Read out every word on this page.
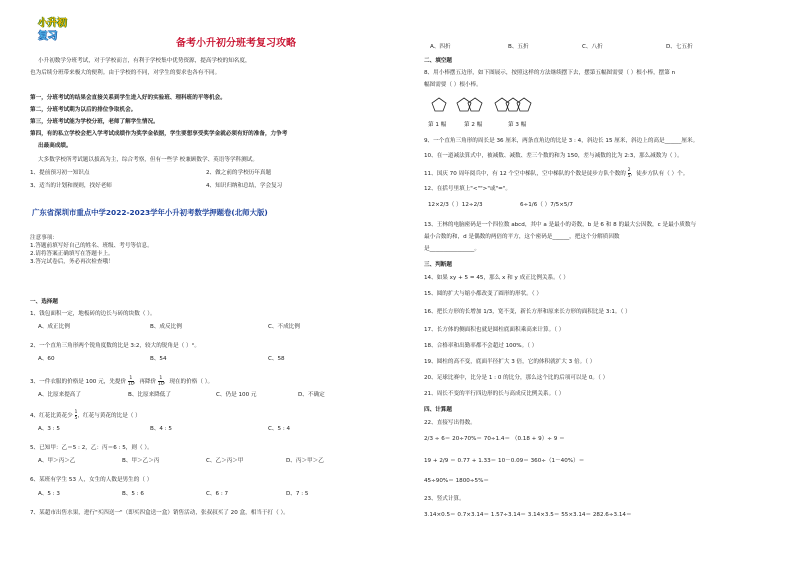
小升初
复习
备考小升初分班考复习攻略
小升初数学分班考试，对于学校而言，有利于学校集中优势资源，提高学校的知名度，
也为后续分班带来极大的便利。由于学校的不同，对学生的要求也各有不同。
第一，分班考试的结果会直接关系到学生进入好的实验班、理科班的平等机会。
第二，分班考试期为以后的排位争取机会。
第三，分班考试能为学校分班，老师了解学生情况。
第四，有的私立学校会把入学考试成绩作为奖学金依据，学生要想享受奖学金就必须有好的准备，力争考
出最高成绩。
大多数学校所考试题以拔高为主，综合考察，但有一些学 校兼顾数学、英语等学科测试。
1、提前预习初一知识点	2、做之前的学校历年真题
3、适当的计划和规则，找好老师	4、知识归纳和总结，学会复习
广东省深圳市重点中学2022-2023学年小升初考数学押题卷(北师大版)
注意事项：
1.答题前填写好自己的姓名、班级、考号等信息。
2.请将答案正确填写在答题卡上。
3.答完试卷后，务必再次检查哦！
一、选择题
1、钱包面积一定，地板砖的边长与砖的块数（ ）。
A、成正比例	B、成反比例	C、不成比例
2、一个直角三角形两个锐角度数的比是 3:2，较大的锐角是（ ）°。
A、60	B、54	C、58
3、一件衣服的价格是 100 元，先提价 $\frac{1}{10}$ ，再降价 $\frac{1}{10}$ ，现在的价格（ ）。
A、比原来提高了	B、比原来降低了	C、仍是 100 元	D、不确定
4、红花比黄花少 $\frac{1}{5}$ ，红花与黄花的比是（ ）
A、3 : 5	B、4 : 5	C、5 : 4
5、已知甲：乙＝5 : 2，乙：丙＝6 : 5，则（ ）。
A、甲＞丙＞乙	B、甲＞乙＞丙	C、乙＞丙＞甲	D、丙＞甲＞乙
6、某班有学生 53 人，女生的人数是男生的（ ）
A、5 : 3	B、5 : 6	C、6 : 7	D、7 : 5
7、某超市出售水果，进行"买四送一"（即买四盒送一盒）销售活动，张叔叔买了 20 盒，相当于打（ ）。
A、四折	B、五折	C、八折	D、七五折
二、填空题
8、用小棒摆五边形，如下图展示，按照这样的方法继续摆下去，摆第五幅图需要（ ）根小棒，摆第 n
幅图需要（ ）根小棒。
第 1 幅	第 2 幅	第 3 幅
9、一个直角三角形的周长是 36 厘米，两条直角边的比是 3 : 4，斜边长 15 厘米，斜边上的高是______厘米。
10、在一道减法算式中，被减数、减数、差三个数的和为 150，差与减数的比为 2:3，那么减数为（ ）。
11、国庆 70 周年阅兵中，有 12 个空中梯队，空中梯队的个数是徒步方队个数的 $\frac{2}{5}$ ，徒步方队有（ ）个。
12、在括号里填上"<"">"或"="。
12×2/3（ ）12÷2/3	6÷1/6（ ）7/5×5/7
13、王林的电脑密码是一个四位数 abcd，其中 a 是最小的奇数，b 是 6 和 8 的最大公因数，c 是最小质数与
最小合数的和，d 是偶数的两倍的平方，这个密码是______，把这个分解质因数
是________________。
三、判断题
14、如果 xy + 5 = 45，那么 x 和 y 成正比例关系。（ ）
15、圆的扩大与缩小都改变了圆形的形状。（ ）
16、把长方形的长增加 1/3，宽不变，新长方形和原来长方形的面积比是 3:1。（ ）
17、长方体的侧面积也就是圆柱底面积乘高来计算。（ ）
18、合格率和出勤率都不会超过 100%。（ ）
19、圆柱的高不变，底面半径扩大 3 倍，它的体积就扩大 3 倍。（ ）
20、足球比赛中，比分是 1 : 0 的比分，那么这个比的后项可以是 0。（ ）
21、周长不变的平行四边形的长与高成反比例关系。（ ）
四、计算题
22、直接写出得数。
2/3 ÷ 6＝ 20÷70%＝ 70÷1.4＝ （0.18 + 9）÷ 9 ＝
19 + 2/9 ＝ 0.77 + 1.33＝ 10－0.09＝ 360÷（1－40%）＝
45÷90%＝ 1800÷5%＝
23、竖式计算。
3.14×0.5＝ 0.7×3.14＝ 1.57÷3.14＝ 3.14×3.5＝ 55×3.14＝ 282.6÷3.14＝
